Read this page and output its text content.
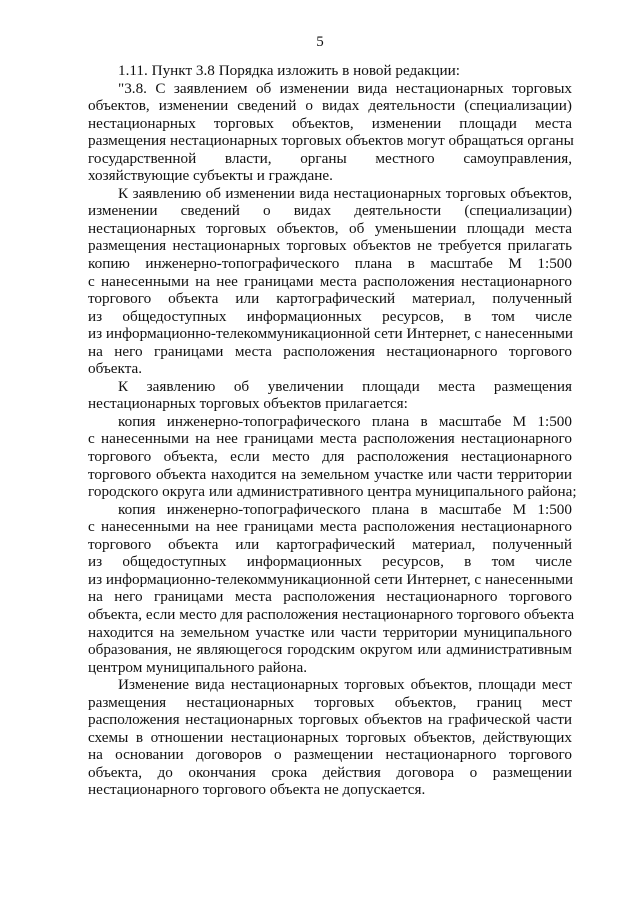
5
1.11. Пункт 3.8 Порядка изложить в новой редакции:
"3.8. С заявлением об изменении вида нестационарных торговых
объектов, изменении сведений о видах деятельности (специализации)
нестационарных торговых объектов, изменении площади места
размещения нестационарных торговых объектов могут обращаться органы
государственной власти, органы местного самоуправления,
хозяйствующие субъекты и граждане.
К заявлению об изменении вида нестационарных торговых объектов,
изменении сведений о видах деятельности (специализации)
нестационарных торговых объектов, об уменьшении площади места
размещения нестационарных торговых объектов не требуется прилагать
копию инженерно-топографического плана в масштабе М 1:500
с нанесенными на нее границами места расположения нестационарного
торгового объекта или картографический материал, полученный
из общедоступных информационных ресурсов, в том числе
из информационно-телекоммуникационной сети Интернет, с нанесенными
на него границами места расположения нестационарного торгового
объекта.
К заявлению об увеличении площади места размещения
нестационарных торговых объектов прилагается:
копия инженерно-топографического плана в масштабе М 1:500
с нанесенными на нее границами места расположения нестационарного
торгового объекта, если место для расположения нестационарного
торгового объекта находится на земельном участке или части территории
городского округа или административного центра муниципального района;
копия инженерно-топографического плана в масштабе М 1:500
с нанесенными на нее границами места расположения нестационарного
торгового объекта или картографический материал, полученный
из общедоступных информационных ресурсов, в том числе
из информационно-телекоммуникационной сети Интернет, с нанесенными
на него границами места расположения нестационарного торгового
объекта, если место для расположения нестационарного торгового объекта
находится на земельном участке или части территории муниципального
образования, не являющегося городским округом или административным
центром муниципального района.
Изменение вида нестационарных торговых объектов, площади мест
размещения нестационарных торговых объектов, границ мест
расположения нестационарных торговых объектов на графической части
схемы в отношении нестационарных торговых объектов, действующих
на основании договоров о размещении нестационарного торгового
объекта, до окончания срока действия договора о размещении
нестационарного торгового объекта не допускается.
